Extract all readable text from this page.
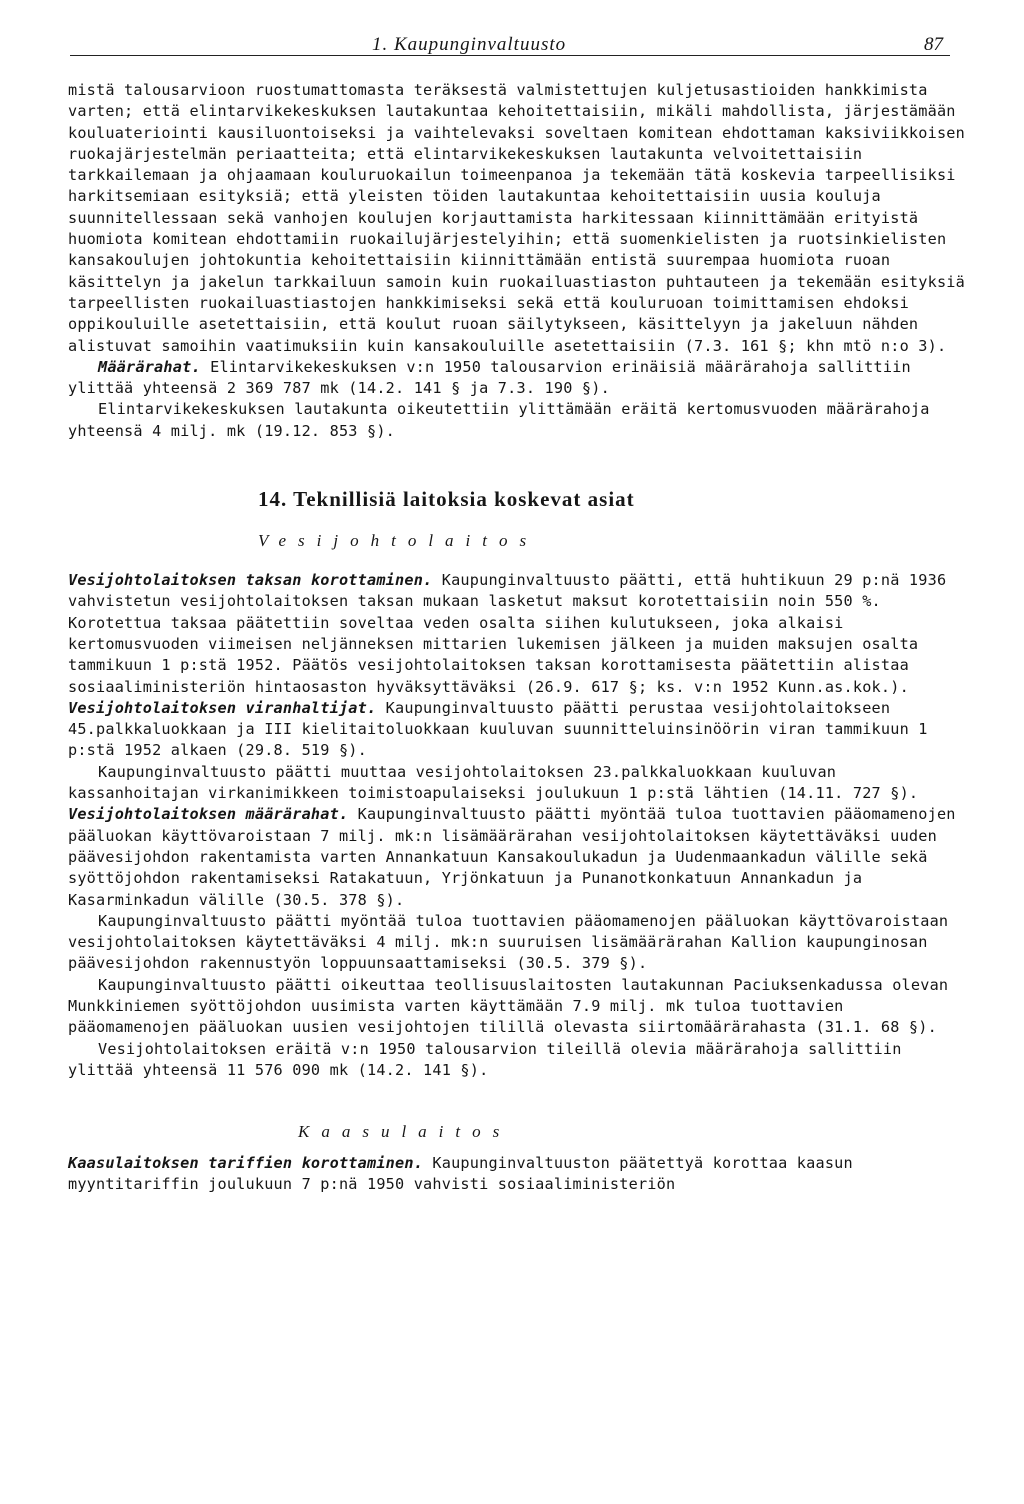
1. Kaupunginvaltuusto	87

mistä talousarvioon ruostumattomasta teräksestä valmistettujen kuljetusastioiden hankkimista varten; että elintarvikekeskuksen lautakuntaa kehoitettaisiin, mikäli mahdollista, järjestämään kouluateriointi kausiluontoiseksi ja vaihtelevaksi soveltaen komitean ehdottaman kaksiviikkoisen ruokajärjestelmän periaatteita; että elintarvikekeskuksen lautakunta velvoitettaisiin tarkkailemaan ja ohjaamaan kouluruokailun toimeenpanoa ja tekemään tätä koskevia tarpeellisiksi harkitsemiaan esityksiä; että yleisten töiden lautakuntaa kehoitettaisiin uusia kouluja suunnitellessaan sekä vanhojen koulujen korjauttamista harkitessaan kiinnittämään erityistä huomiota komitean ehdottamiin ruokailujärjestelyihin; että suomenkielisten ja ruotsinkielisten kansakoulujen johtokuntia kehoitettaisiin kiinnittämään entistä suurempaa huomiota ruoan käsittelyn ja jakelun tarkkailuun samoin kuin ruokailuastiaston puhtauteen ja tekemään esityksiä tarpeellisten ruokailuastiastojen hankkimiseksi sekä että kouluruoan toimittamisen ehdoksi oppikouluille asetettaisiin, että koulut ruoan säilytykseen, käsittelyyn ja jakeluun nähden alistuvat samoihin vaatimuksiin kuin kansakouluille asetettaisiin (7.3. 161 §; khn mtö n:o 3).

Määrärahat. Elintarvikekeskuksen v:n 1950 talousarvion erinäisiä määrärahoja sallittiin ylittää yhteensä 2 369 787 mk (14.2. 141 § ja 7.3. 190 §).

Elintarvikekeskuksen lautakunta oikeutettiin ylittämään eräitä kertomusvuoden määrärahoja yhteensä 4 milj. mk (19.12. 853 §).

14. Teknillisiä laitoksia koskevat asiat
Vesijohtolaitos

Vesijohtolaitoksen taksan korottaminen. Kaupunginvaltuusto päätti, että huhtikuun 29 p:nä 1936 vahvistetun vesijohtolaitoksen taksan mukaan lasketut maksut korotettaisiin noin 550 %. Korotettua taksaa päätettiin soveltaa veden osalta siihen kulutukseen, joka alkaisi kertomusvuoden viimeisen neljänneksen mittarien lukemisen jälkeen ja muiden maksujen osalta tammikuun 1 p:stä 1952. Päätös vesijohtolaitoksen taksan korottamisesta päätettiin alistaa sosiaaliministeriön hintaosaston hyväksyttäväksi (26.9. 617 §; ks. v:n 1952 Kunn.as.kok.).

Vesijohtolaitoksen viranhaltijat. Kaupunginvaltuusto päätti perustaa vesijohtolaitokseen 45.palkkaluokkaan ja III kielitaitoluokkaan kuuluvan suunnitteluinsinöörin viran tammikuun 1 p:stä 1952 alkaen (29.8. 519 §).

Kaupunginvaltuusto päätti muuttaa vesijohtolaitoksen 23.palkkaluokkaan kuuluvan kassanhoitajan virkanimikkeen toimistoapulaiseksi joulukuun 1 p:stä lähtien (14.11. 727 §).

Vesijohtolaitoksen määrärahat. Kaupunginvaltuusto päätti myöntää tuloa tuottavien pääomamenojen pääluokan käyttövaroistaan 7 milj. mk:n lisämäärärahan vesijohtolaitoksen käytettäväksi uuden päävesijohdon rakentamista varten Annankatuun Kansakoulukadun ja Uudenmaankadun välille sekä syöttöjohdon rakentamiseksi Ratakatuun, Yrjönkatuun ja Punanotkonkatuun Annankadun ja Kasarminkadun välille (30.5. 378 §).

Kaupunginvaltuusto päätti myöntää tuloa tuottavien pääomamenojen pääluokan käyttövaroistaan vesijohtolaitoksen käytettäväksi 4 milj. mk:n suuruisen lisämäärärahan Kallion kaupunginosan päävesijohdon rakennustyön loppuunsaattamiseksi (30.5. 379 §).

Kaupunginvaltuusto päätti oikeuttaa teollisuuslaitosten lautakunnan Paciuksenkadussa olevan Munkkiniemen syöttöjohdon uusimista varten käyttämään 7.9 milj. mk tuloa tuottavien pääomamenojen pääluokan uusien vesijohtojen tilillä olevasta siirtomäärärahasta (31.1. 68 §).

Vesijohtolaitoksen eräitä v:n 1950 talousarvion tileillä olevia määrärahoja sallittiin ylittää yhteensä 11 576 090 mk (14.2. 141 §).

Kaasulaitos

Kaasulaitoksen tariffien korottaminen. Kaupunginvaltuuston päätettyä korottaa kaasun myyntitariffin joulukuun 7 p:nä 1950 vahvisti sosiaaliministeriön
